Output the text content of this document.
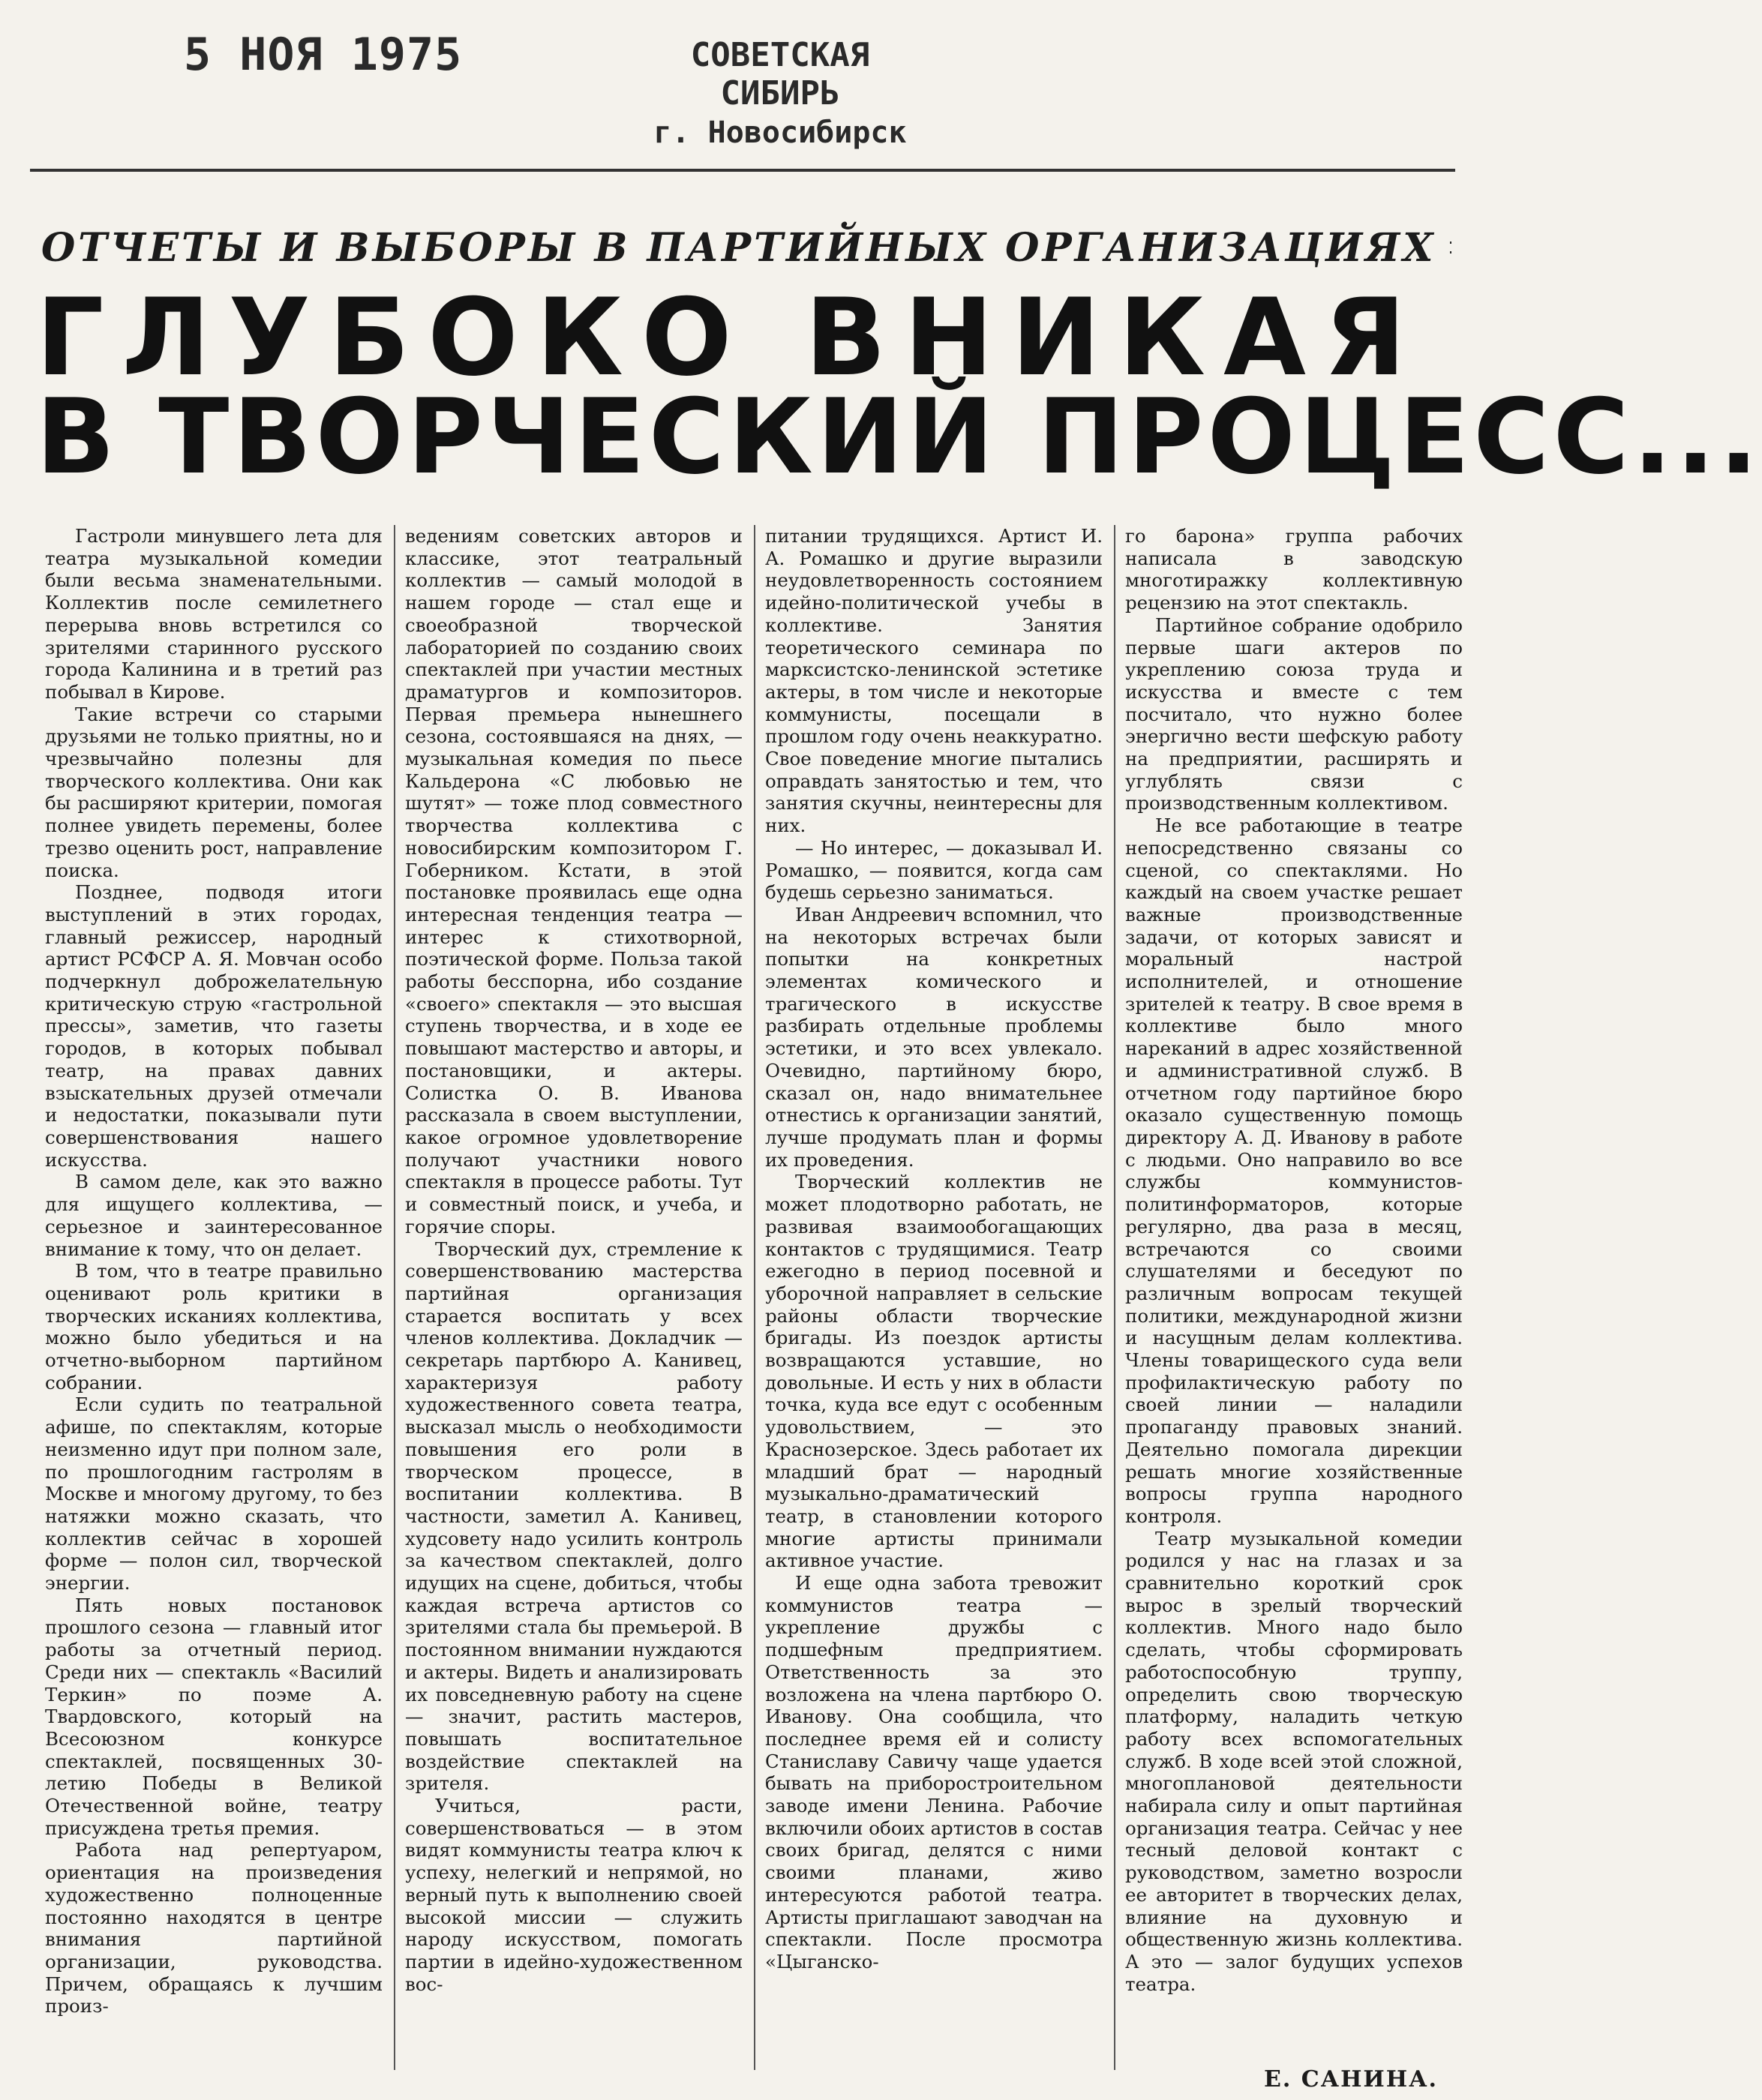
5 НОЯ 1975	СОВЕТСКАЯ СИБИРЬ
г. Новосибирск
ОТЧЕТЫ И ВЫБОРЫ В ПАРТИЙНЫХ ОРГАНИЗАЦИЯХ
ГЛУБОКО ВНИКАЯ
В ТВОРЧЕСКИЙ ПРОЦЕСС...

Гастроли минувшего лета для театра музыкальной комедии были весьма знаменательными. Коллектив после семилетнего перерыва вновь встретился со зрителями старинного русского города Калинина и в третий раз побывал в Кирове.

Такие встречи со старыми друзьями не только приятны, но и чрезвычайно полезны для творческого коллектива. Они как бы расширяют критерии, помогая полнее увидеть перемены, более трезво оценить рост, направление поиска.

Позднее, подводя итоги выступлений в этих городах, главный режиссер, народный артист РСФСР А. Я. Мовчан особо подчеркнул доброжелательную критическую струю «гастрольной прессы», заметив, что газеты городов, в которых побывал театр, на правах давних взыскательных друзей отмечали и недостатки, показывали пути совершенствования нашего искусства.

В самом деле, как это важно для ищущего коллектива, — серьезное и заинтересованное внимание к тому, что он делает.

В том, что в театре правильно оценивают роль критики в творческих исканиях коллектива, можно было убедиться и на отчетно-выборном партийном собрании.

Если судить по театральной афише, по спектаклям, которые неизменно идут при полном зале, по прошлогодним гастролям в Москве и многому другому, то без натяжки можно сказать, что коллектив сейчас в хорошей форме — полон сил, творческой энергии.

Пять новых постановок прошлого сезона — главный итог работы за отчетный период. Среди них — спектакль «Василий Теркин» по поэме А. Твардовского, который на Всесоюзном конкурсе спектаклей, посвященных 30-летию Победы в Великой Отечественной войне, театру присуждена третья премия.

Работа над репертуаром, ориентация на произведения художественно полноценные постоянно находятся в центре внимания партийной организации, руководства. Причем, обращаясь к лучшим произ-

ведениям советских авторов и классике, этот театральный коллектив — самый молодой в нашем городе — стал еще и своеобразной творческой лабораторией по созданию своих спектаклей при участии местных драматургов и композиторов. Первая премьера нынешнего сезона, состоявшаяся на днях, — музыкальная комедия по пьесе Кальдерона «С любовью не шутят» — тоже плод совместного творчества коллектива с новосибирским композитором Г. Гоберником. Кстати, в этой постановке проявилась еще одна интересная тенденция театра — интерес к стихотворной, поэтической форме. Польза такой работы бесспорна, ибо создание «своего» спектакля — это высшая ступень творчества, и в ходе ее повышают мастерство и авторы, и постановщики, и актеры. Солистка О. В. Иванова рассказала в своем выступлении, какое огромное удовлетворение получают участники нового спектакля в процессе работы. Тут и совместный поиск, и учеба, и горячие споры.

Творческий дух, стремление к совершенствованию мастерства партийная организация старается воспитать у всех членов коллектива. Докладчик — секретарь партбюро А. Канивец, характеризуя работу художественного совета театра, высказал мысль о необходимости повышения его роли в творческом процессе, в воспитании коллектива. В частности, заметил А. Канивец, худсовету надо усилить контроль за качеством спектаклей, долго идущих на сцене, добиться, чтобы каждая встреча артистов со зрителями стала бы премьерой. В постоянном внимании нуждаются и актеры. Видеть и анализировать их повседневную работу на сцене — значит, растить мастеров, повышать воспитательное воздействие спектаклей на зрителя.

Учиться, расти, совершенствоваться — в этом видят коммунисты театра ключ к успеху, нелегкий и непрямой, но верный путь к выполнению своей высокой миссии — служить народу искусством, помогать партии в идейно-художественном вос-

питании трудящихся. Артист И. А. Ромашко и другие выразили неудовлетворенность состоянием идейно-политической учебы в коллективе. Занятия теоретического семинара по марксистско-ленинской эстетике актеры, в том числе и некоторые коммунисты, посещали в прошлом году очень неаккуратно. Свое поведение многие пытались оправдать занятостью и тем, что занятия скучны, неинтересны для них.

— Но интерес, — доказывал И. Ромашко, — появится, когда сам будешь серьезно заниматься.

Иван Андреевич вспомнил, что на некоторых встречах были попытки на конкретных элементах комического и трагического в искусстве разбирать отдельные проблемы эстетики, и это всех увлекало. Очевидно, партийному бюро, сказал он, надо внимательнее отнестись к организации занятий, лучше продумать план и формы их проведения.

Творческий коллектив не может плодотворно работать, не развивая взаимообогащающих контактов с трудящимися. Театр ежегодно в период посевной и уборочной направляет в сельские районы области творческие бригады. Из поездок артисты возвращаются уставшие, но довольные. И есть у них в области точка, куда все едут с особенным удовольствием, — это Краснозерское. Здесь работает их младший брат — народный музыкально-драматический театр, в становлении которого многие артисты принимали активное участие.

И еще одна забота тревожит коммунистов театра — укрепление дружбы с подшефным предприятием. Ответственность за это возложена на члена партбюро О. Иванову. Она сообщила, что последнее время ей и солисту Станиславу Савичу чаще удается бывать на приборостроительном заводе имени Ленина. Рабочие включили обоих артистов в состав своих бригад, делятся с ними своими планами, живо интересуются работой театра. Артисты приглашают заводчан на спектакли. После просмотра «Цыганско-

го барона» группа рабочих написала в заводскую многотиражку коллективную рецензию на этот спектакль.

Партийное собрание одобрило первые шаги актеров по укреплению союза труда и искусства и вместе с тем посчитало, что нужно более энергично вести шефскую работу на предприятии, расширять и углублять связи с производственным коллективом.

Не все работающие в театре непосредственно связаны со сценой, со спектаклями. Но каждый на своем участке решает важные производственные задачи, от которых зависят и моральный настрой исполнителей, и отношение зрителей к театру. В свое время в коллективе было много нареканий в адрес хозяйственной и административной служб. В отчетном году партийное бюро оказало существенную помощь директору А. Д. Иванову в работе с людьми. Оно направило во все службы коммунистов-политинформаторов, которые регулярно, два раза в месяц, встречаются со своими слушателями и беседуют по различным вопросам текущей политики, международной жизни и насущным делам коллектива. Члены товарищеского суда вели профилактическую работу по своей линии — наладили пропаганду правовых знаний. Деятельно помогала дирекции решать многие хозяйственные вопросы группа народного контроля.

Театр музыкальной комедии родился у нас на глазах и за сравнительно короткий срок вырос в зрелый творческий коллектив. Много надо было сделать, чтобы сформировать работоспособную труппу, определить свою творческую платформу, наладить четкую работу всех вспомогательных служб. В ходе всей этой сложной, многоплановой деятельности набирала силу и опыт партийная организация театра. Сейчас у нее тесный деловой контакт с руководством, заметно возросли ее авторитет в творческих делах, влияние на духовную и общественную жизнь коллектива. А это — залог будущих успехов театра.

Е. САНИНА.
